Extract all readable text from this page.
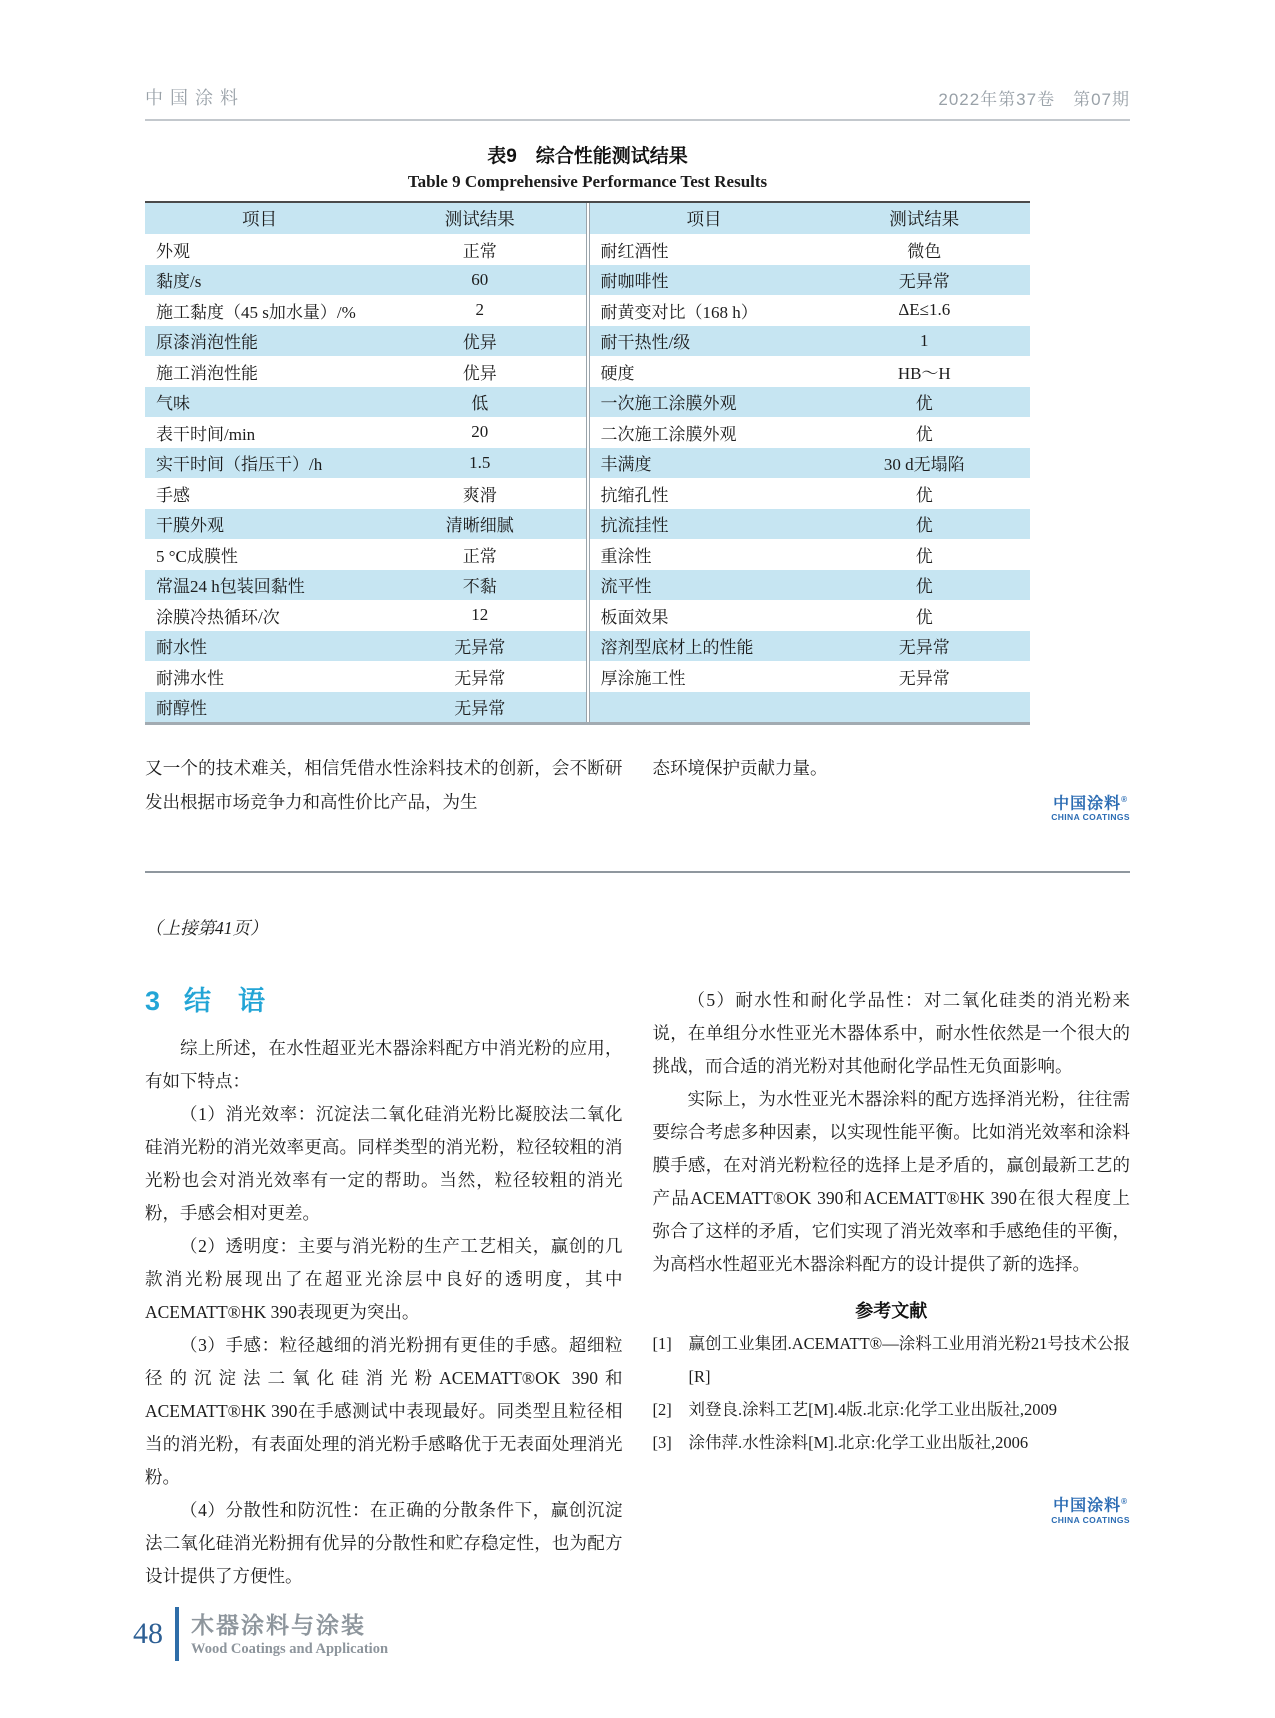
中国涂料	2022年第37卷　第07期
表9　综合性能测试结果
Table 9 Comprehensive Performance Test Results
项目	测试结果
外观	正常
黏度/s	60
施工黏度（45 s加水量）/%	2
原漆消泡性能	优异
施工消泡性能	优异
气味	低
表干时间/min	20
实干时间（指压干）/h	1.5
手感	爽滑
干膜外观	清晰细腻
5 °C成膜性	正常
常温24 h包装回黏性	不黏
涂膜冷热循环/次	12
耐水性	无异常
耐沸水性	无异常
耐醇性	无异常
项目	测试结果
耐红酒性	微色
耐咖啡性	无异常
耐黄变对比（168 h）	ΔE≤1.6
耐干热性/级	1
硬度	HB～H
一次施工涂膜外观	优
二次施工涂膜外观	优
丰满度	30 d无塌陷
抗缩孔性	优
抗流挂性	优
重涂性	优
流平性	优
板面效果	优
溶剂型底材上的性能	无异常
厚涂施工性	无异常

又一个的技术难关，相信凭借水性涂料技术的创新，会不断研发出根据市场竞争力和高性价比产品，为生

态环境保护贡献力量。

中国涂料®
CHINA COATINGS

（上接第41页）

3 结　语

综上所述，在水性超亚光木器涂料配方中消光粉的应用，有如下特点：

（1）消光效率：沉淀法二氧化硅消光粉比凝胶法二氧化硅消光粉的消光效率更高。同样类型的消光粉，粒径较粗的消光粉也会对消光效率有一定的帮助。当然，粒径较粗的消光粉，手感会相对更差。

（2）透明度：主要与消光粉的生产工艺相关，赢创的几款消光粉展现出了在超亚光涂层中良好的透明度，其中ACEMATT®HK 390表现更为突出。

（3）手感：粒径越细的消光粉拥有更佳的手感。超细粒径的沉淀法二氧化硅消光粉ACEMATT®OK 390和ACEMATT®HK 390在手感测试中表现最好。同类型且粒径相当的消光粉，有表面处理的消光粉手感略优于无表面处理消光粉。

（4）分散性和防沉性：在正确的分散条件下，赢创沉淀法二氧化硅消光粉拥有优异的分散性和贮存稳定性，也为配方设计提供了方便性。

（5）耐水性和耐化学品性：对二氧化硅类的消光粉来说，在单组分水性亚光木器体系中，耐水性依然是一个很大的挑战，而合适的消光粉对其他耐化学品性无负面影响。

实际上，为水性亚光木器涂料的配方选择消光粉，往往需要综合考虑多种因素，以实现性能平衡。比如消光效率和涂料膜手感，在对消光粉粒径的选择上是矛盾的，赢创最新工艺的产品ACEMATT®OK 390和ACEMATT®HK 390在很大程度上弥合了这样的矛盾，它们实现了消光效率和手感绝佳的平衡，为高档水性超亚光木器涂料配方的设计提供了新的选择。

参考文献
[1]	赢创工业集团.ACEMATT®—涂料工业用消光粉21号技术公报[R]
[2]	刘登良.涂料工艺[M].4版.北京:化学工业出版社,2009
[3]	涂伟萍.水性涂料[M].北京:化学工业出版社,2006
中国涂料®
CHINA COATINGS
48 木器涂料与涂装
Wood Coatings and Application
